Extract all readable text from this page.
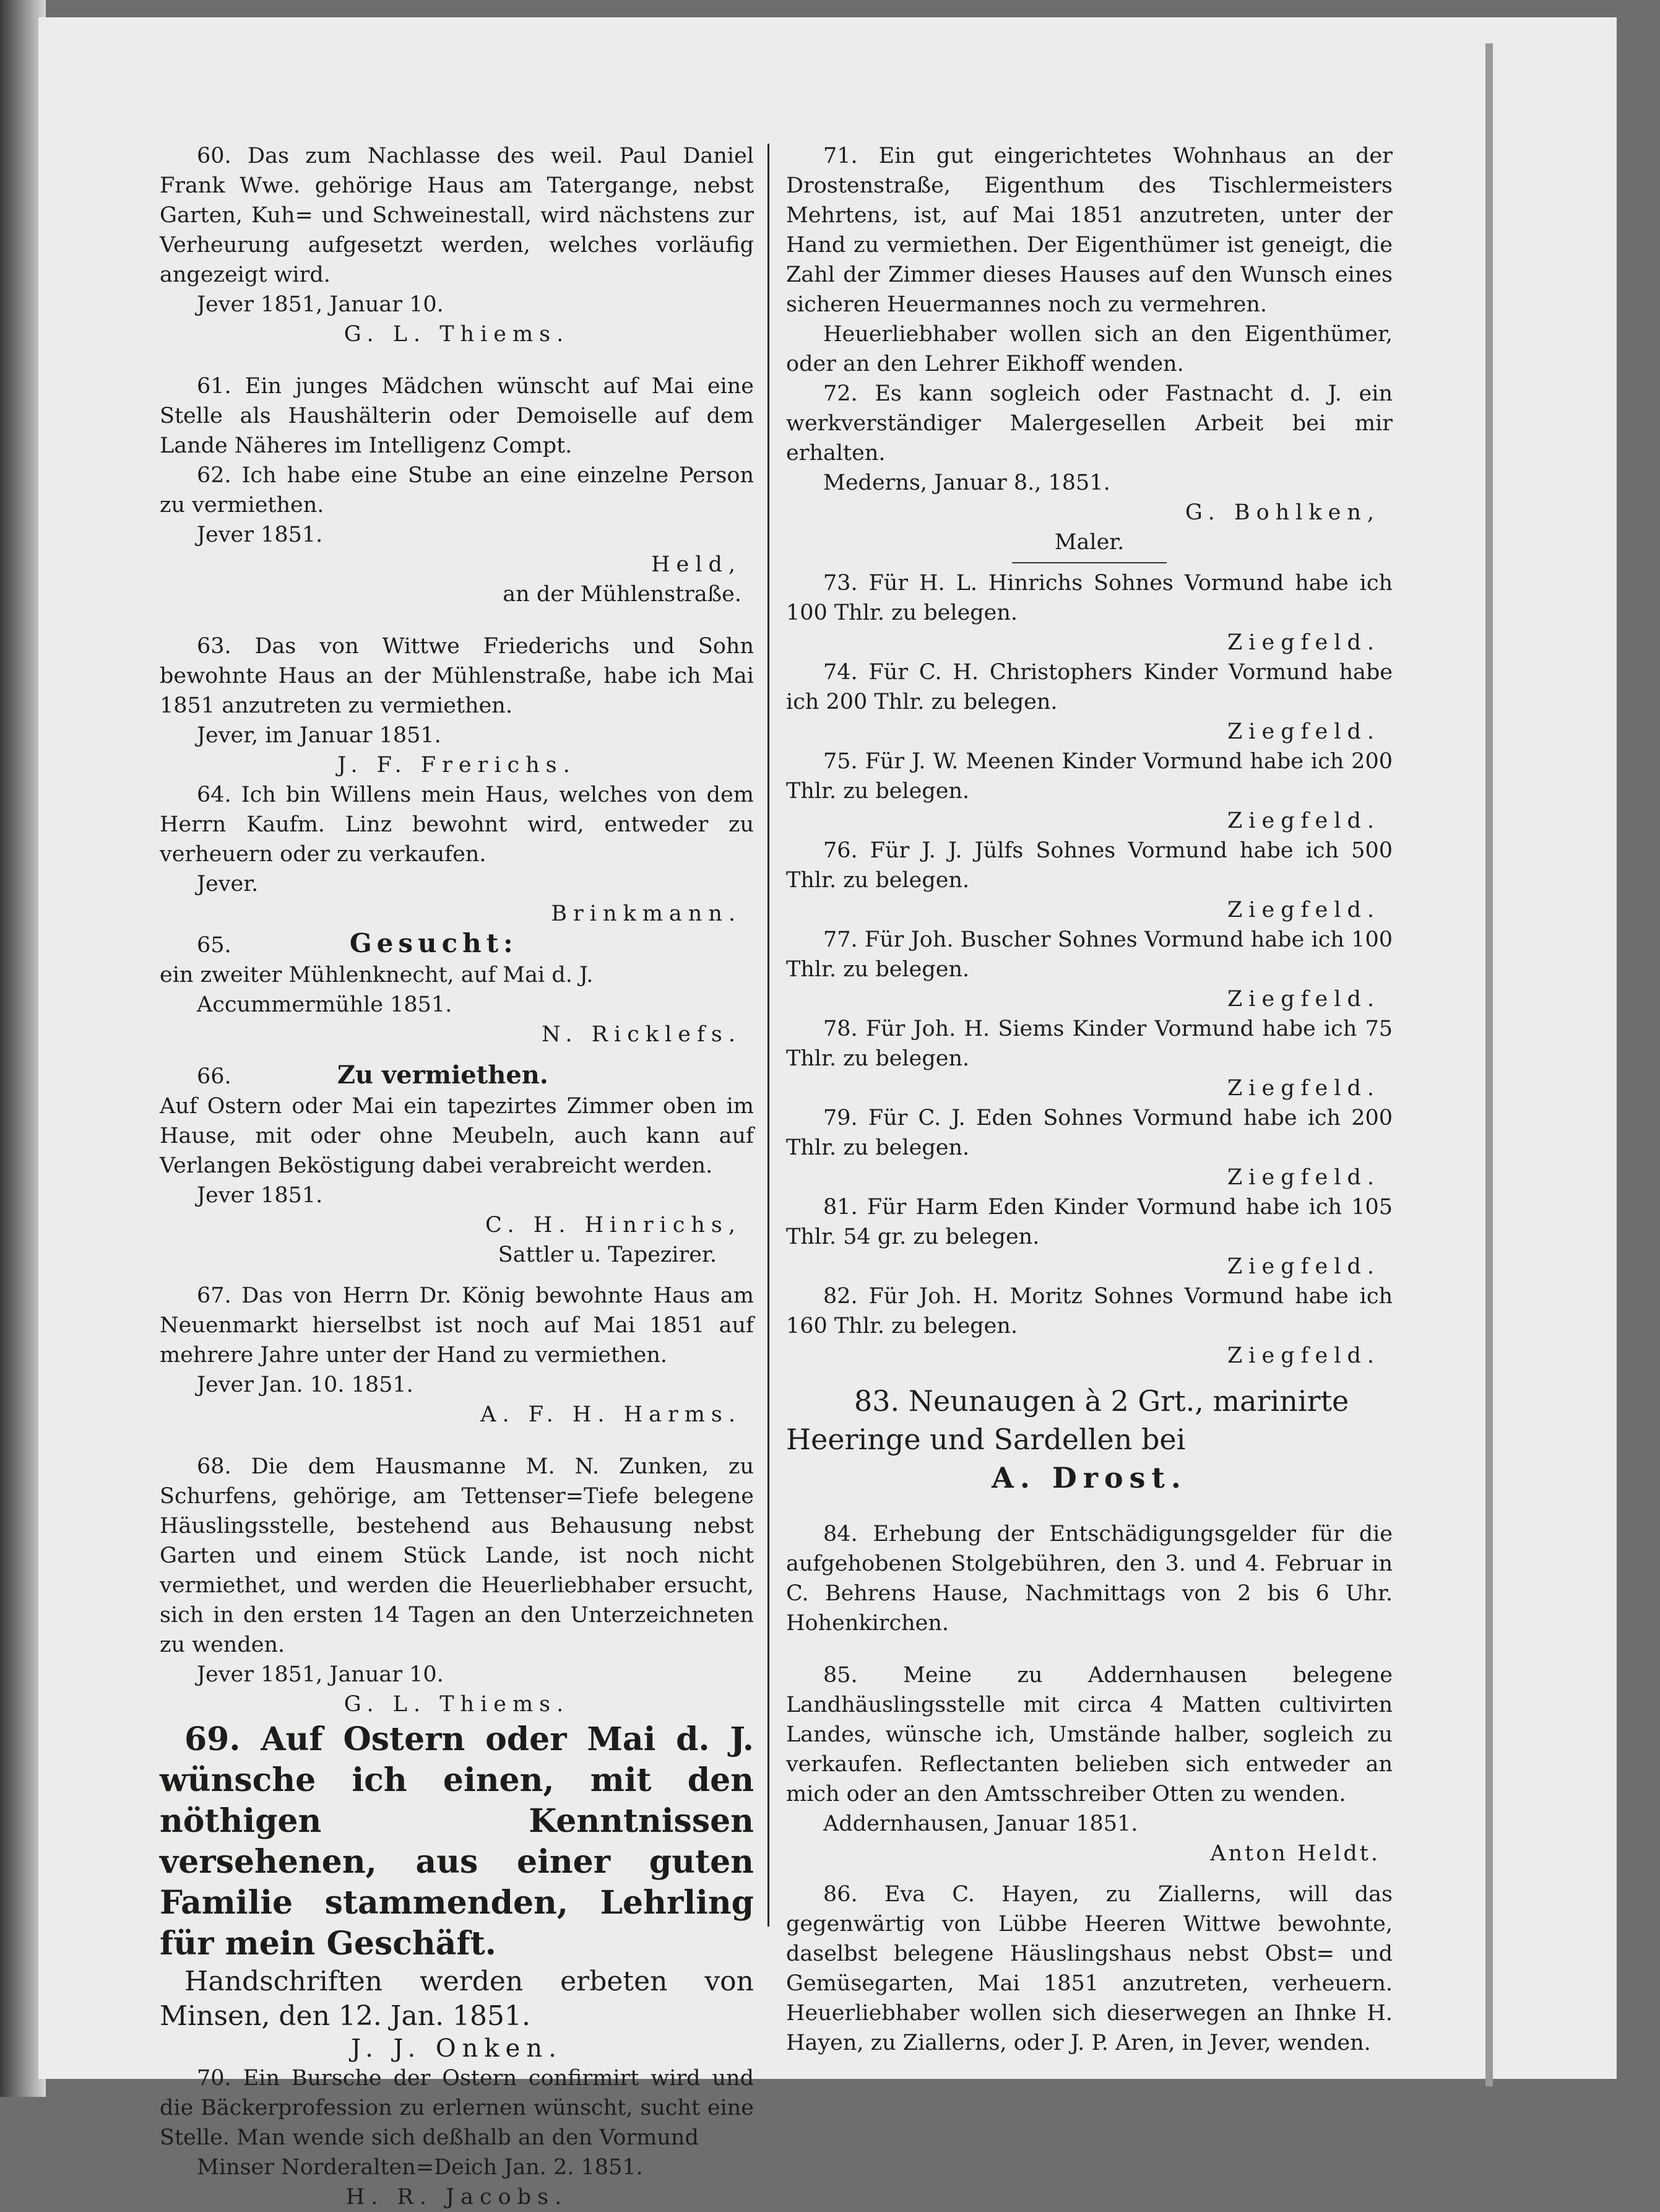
60. Das zum Nachlasse des weil. Paul Daniel Frank Wwe. gehörige Haus am Tatergange, nebst Garten, Kuh= und Schweinestall, wird nächstens zur Verheurung aufgesetzt werden, welches vorläufig angezeigt wird.

Jever 1851, Januar 10.

G. L. Thiems.

61. Ein junges Mädchen wünscht auf Mai eine Stelle als Haushälterin oder Demoiselle auf dem Lande Näheres im Intelligenz Compt.

62. Ich habe eine Stube an eine einzelne Person zu vermiethen.

Jever 1851.

Held,

an der Mühlenstraße.

63. Das von Wittwe Friederichs und Sohn bewohnte Haus an der Mühlenstraße, habe ich Mai 1851 anzutreten zu vermiethen.

Jever, im Januar 1851.

J. F. Frerichs.

64. Ich bin Willens mein Haus, welches von dem Herrn Kaufm. Linz bewohnt wird, entweder zu verheuern oder zu verkaufen.

Jever.

Brinkmann.

65.	Gesucht:

ein zweiter Mühlenknecht, auf Mai d. J.

Accummermühle 1851.

N. Ricklefs.

66.	Zu vermiethen.

Auf Ostern oder Mai ein tapezirtes Zimmer oben im Hause, mit oder ohne Meubeln, auch kann auf Verlangen Beköstigung dabei verabreicht werden.

Jever 1851.

C. H. Hinrichs,

Sattler u. Tapezirer.

67. Das von Herrn Dr. König bewohnte Haus am Neuenmarkt hierselbst ist noch auf Mai 1851 auf mehrere Jahre unter der Hand zu vermiethen.

Jever Jan. 10. 1851.

A. F. H. Harms.

68. Die dem Hausmanne M. N. Zunken, zu Schurfens, gehörige, am Tettenser=Tiefe belegene Häuslingsstelle, bestehend aus Behausung nebst Garten und einem Stück Lande, ist noch nicht vermiethet, und werden die Heuerliebhaber ersucht, sich in den ersten 14 Tagen an den Unterzeichneten zu wenden.

Jever 1851, Januar 10.

G. L. Thiems.

69. Auf Ostern oder Mai d. J. wünsche ich einen, mit den nöthigen Kenntnissen versehenen, aus einer guten Familie stammenden, Lehrling für mein Geschäft.

Handschriften werden erbeten von Minsen, den 12. Jan. 1851.

J. J. Onken.

70. Ein Bursche der Ostern confirmirt wird und die Bäckerprofession zu erlernen wünscht, sucht eine Stelle. Man wende sich deßhalb an den Vormund

Minser Norderalten=Deich Jan. 2. 1851.

H. R. Jacobs.

71. Ein gut eingerichtetes Wohnhaus an der Drostenstraße, Eigenthum des Tischlermeisters Mehrtens, ist, auf Mai 1851 anzutreten, unter der Hand zu vermiethen. Der Eigenthümer ist geneigt, die Zahl der Zimmer dieses Hauses auf den Wunsch eines sicheren Heuermannes noch zu vermehren.

Heuerliebhaber wollen sich an den Eigenthümer, oder an den Lehrer Eikhoff wenden.

72. Es kann sogleich oder Fastnacht d. J. ein werkverständiger Malergesellen Arbeit bei mir erhalten.

Mederns, Januar 8., 1851.

G. Bohlken,

Maler.

73. Für H. L. Hinrichs Sohnes Vormund habe ich 100 Thlr. zu belegen.

Ziegfeld.

74. Für C. H. Christophers Kinder Vormund habe ich 200 Thlr. zu belegen.

Ziegfeld.

75. Für J. W. Meenen Kinder Vormund habe ich 200 Thlr. zu belegen.

Ziegfeld.

76. Für J. J. Jülfs Sohnes Vormund habe ich 500 Thlr. zu belegen.

Ziegfeld.

77. Für Joh. Buscher Sohnes Vormund habe ich 100 Thlr. zu belegen.

Ziegfeld.

78. Für Joh. H. Siems Kinder Vormund habe ich 75 Thlr. zu belegen.

Ziegfeld.

79. Für C. J. Eden Sohnes Vormund habe ich 200 Thlr. zu belegen.

Ziegfeld.

81. Für Harm Eden Kinder Vormund habe ich 105 Thlr. 54 gr. zu belegen.

Ziegfeld.

82. Für Joh. H. Moritz Sohnes Vormund habe ich 160 Thlr. zu belegen.

Ziegfeld.

83. Neunaugen à 2 Grt., marinirte Heeringe und Sardellen bei

A. Drost.

84. Erhebung der Entschädigungsgelder für die aufgehobenen Stolgebühren, den 3. und 4. Februar in C. Behrens Hause, Nachmittags von 2 bis 6 Uhr. Hohenkirchen.

85. Meine zu Addernhausen belegene Landhäuslingsstelle mit circa 4 Matten cultivirten Landes, wünsche ich, Umstände halber, sogleich zu verkaufen. Reflectanten belieben sich entweder an mich oder an den Amtsschreiber Otten zu wenden.

Addernhausen, Januar 1851.

Anton Heldt.

86. Eva C. Hayen, zu Ziallerns, will das gegenwärtig von Lübbe Heeren Wittwe bewohnte, daselbst belegene Häuslingshaus nebst Obst= und Gemüsegarten, Mai 1851 anzutreten, verheuern. Heuerliebhaber wollen sich dieserwegen an Ihnke H. Hayen, zu Ziallerns, oder J. P. Aren, in Jever, wenden.
